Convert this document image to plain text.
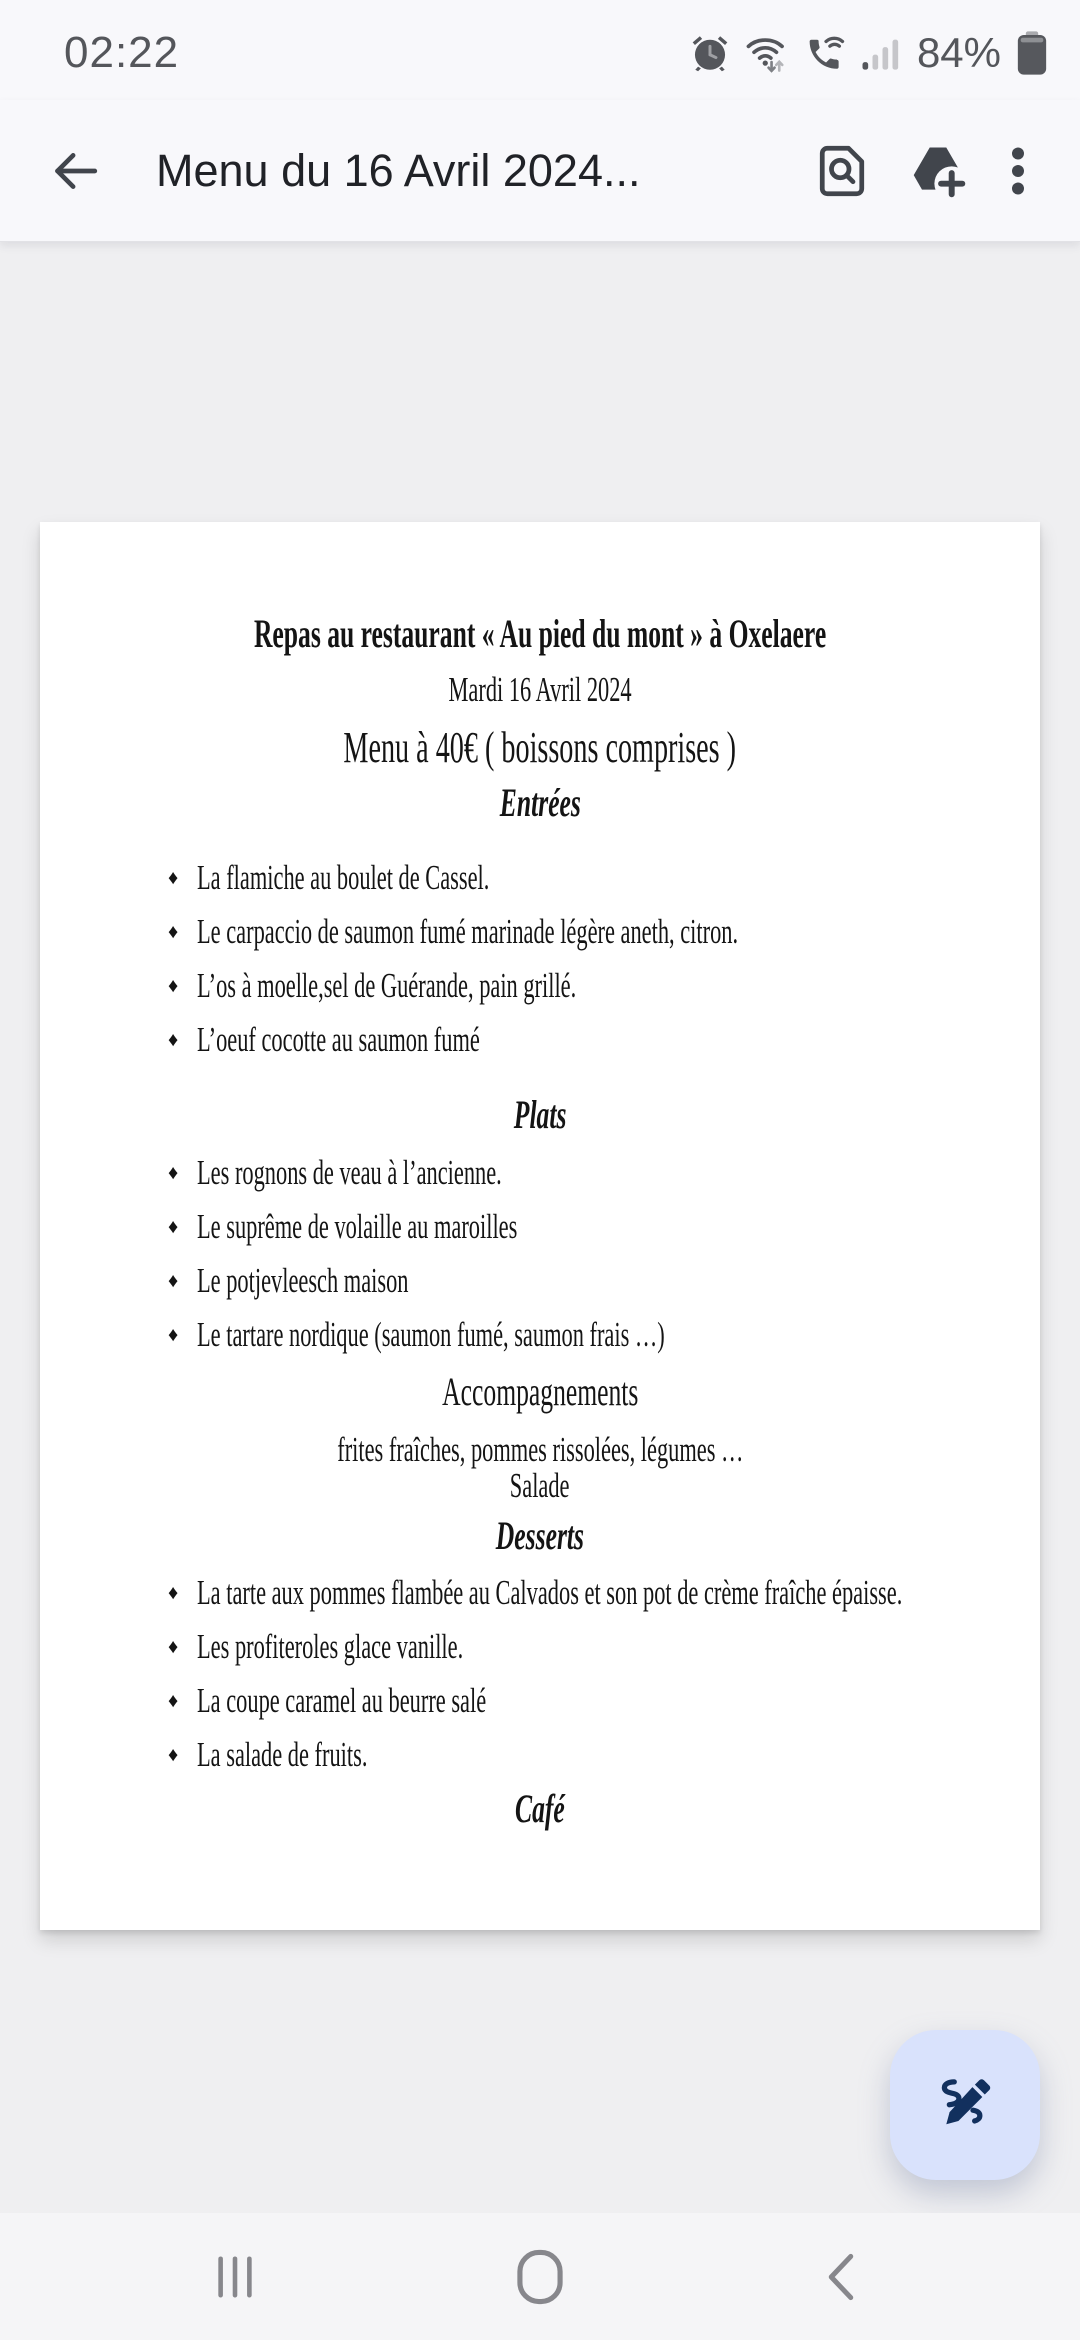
02:22	84%
Menu du 16 Avril 2024...
Repas au restaurant « Au pied du mont » à Oxelaere
Mardi 16 Avril 2024
Menu à 40€ ( boissons comprises )
Entrées
♦ La flamiche au boulet de Cassel.
♦ Le carpaccio de saumon fumé marinade légère aneth, citron.
♦ L’os à moelle,sel de Guérande, pain grillé.
♦ L’oeuf cocotte au saumon fumé
Plats
♦ Les rognons de veau à l’ancienne.
♦ Le suprême de volaille au maroilles
♦ Le potjevleesch maison
♦ Le tartare nordique (saumon fumé, saumon frais …)
Accompagnements
frites fraîches, pommes rissolées, légumes …
Salade
Desserts
♦ La tarte aux pommes flambée au Calvados et son pot de crème fraîche épaisse.
♦ Les profiteroles glace vanille.
♦ La coupe caramel au beurre salé
♦ La salade de fruits.
Café
